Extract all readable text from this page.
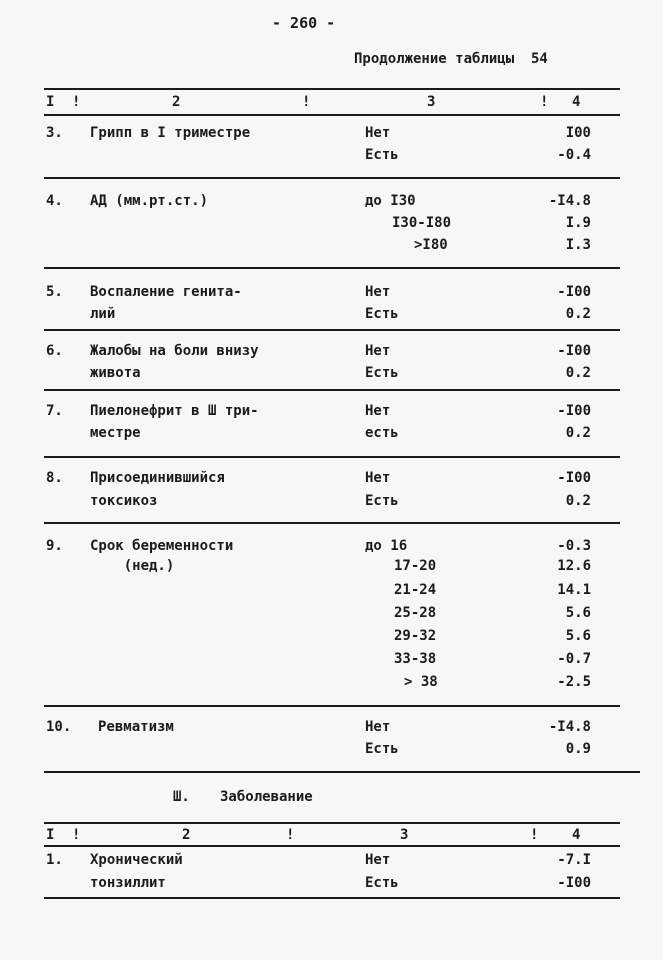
- 260 -
Продолжение таблицы  54
I !	2	!	3	! 4
3. Грипп в I триместре	Нет	I00
Есть	-0.4
4. АД (мм.рт.ст.)	до I30	-I4.8
I30-I80	I.9
>I80	I.3
5. Воспаление генита-
лий
Нет	-I00
Есть	0.2
6. Жалобы на боли внизу
живота
Нет	-I00
Есть	0.2
7. Пиелонефрит в Ш три-
местре
Нет	-I00
есть	0.2
8. Присоединившийся
токсикоз
Нет	-I00
Есть	0.2
9. Срок беременности
(нед.)
до 16	-0.3
17-20	12.6
21-24	14.1
25-28	5.6
29-32	5.6
33-38	-0.7
> 38	-2.5
10. Ревматизм	Нет	-I4.8
Есть	0.9
Ш. Заболевание
I !	2	!	3	! 4
1. Хронический
тонзиллит
Нет	-7.I
Есть	-I00
